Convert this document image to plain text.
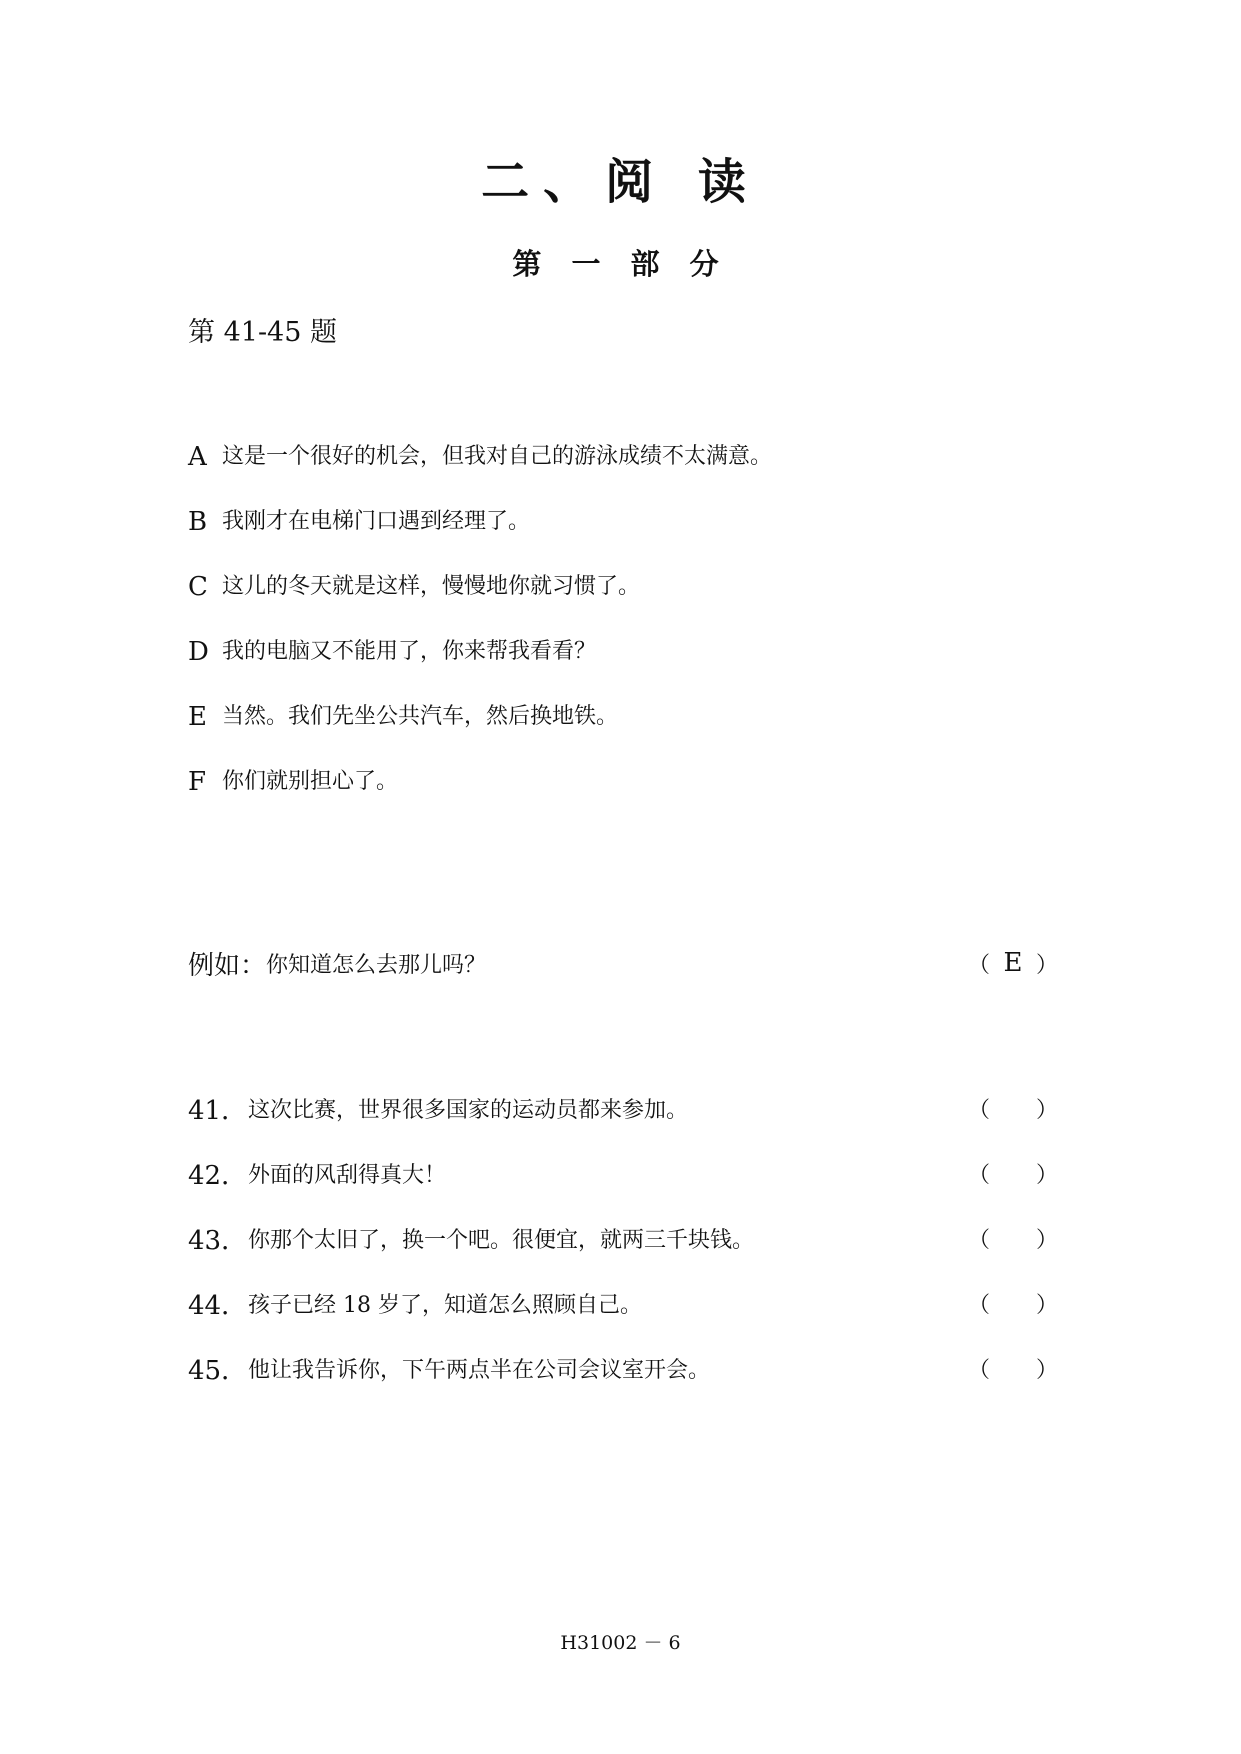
二、阅 读
第 一 部 分
第 41-45 题
A 这是一个很好的机会，但我对自己的游泳成绩不太满意。
B 我刚才在电梯门口遇到经理了。
C 这儿的冬天就是这样，慢慢地你就习惯了。
D 我的电脑又不能用了，你来帮我看看？
E 当然。我们先坐公共汽车，然后换地铁。
F 你们就别担心了。
例如： 你知道怎么去那儿吗？	（ E ）
41． 这次比赛，世界很多国家的运动员都来参加。	（ ）
42． 外面的风刮得真大！	（ ）
43． 你那个太旧了，换一个吧。很便宜，就两三千块钱。	（ ）
44． 孩子已经 18 岁了，知道怎么照顾自己。	（ ）
45． 他让我告诉你，下午两点半在公司会议室开会。	（ ）
H31002 － 6
